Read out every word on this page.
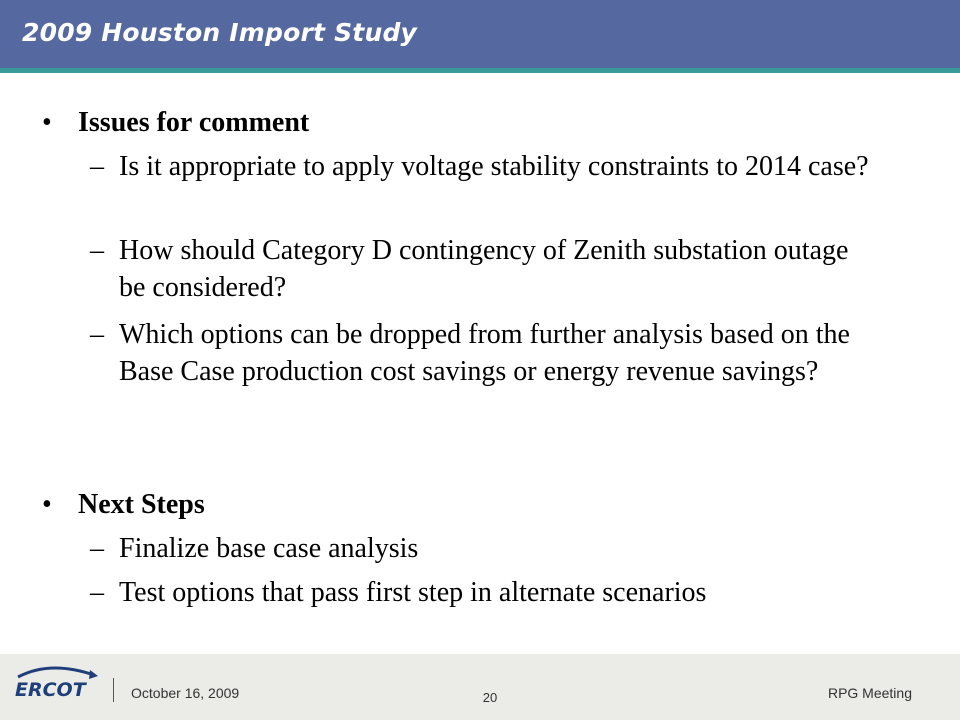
2009 Houston Import Study
• Issues for comment
– Is it appropriate to apply voltage stability constraints to 2014 case?
– How should Category D contingency of Zenith substation outage be considered?
– Which options can be dropped from further analysis based on the Base Case production cost savings or energy revenue savings?
• Next Steps
– Finalize base case analysis
– Test options that pass first step in alternate scenarios
ERCOT	October 16, 2009	20	RPG Meeting
